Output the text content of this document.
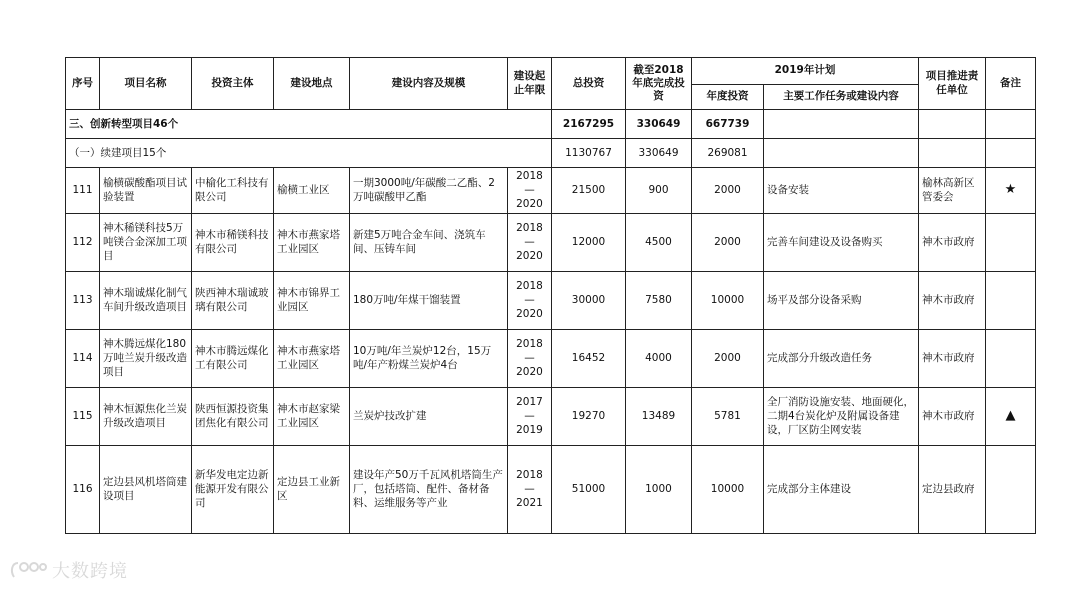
序号	项目名称	投资主体	建设地点	建设内容及规模	建设起止年限	总投资	截至2018年底完成投资	2019年计划		项目推进责任单位	备注
								年度投资	主要工作任务或建设内容		
三、创新转型项目46个						2167295	330649	667739			
（一）续建项目15个						1130767	330649	269081			
111	榆横碳酸酯项目试验装置	中榆化工科技有限公司	榆横工业区	一期3000吨/年碳酸二乙酯、2万吨碳酸甲乙酯	2018—2020	21500	900	2000	设备安装	榆林高新区管委会	★
112	神木稀镁科技5万吨镁合金深加工项目	神木市稀镁科技有限公司	神木市燕家塔工业园区	新建5万吨合金车间、浇筑车间、压铸车间	2018—2020	12000	4500	2000	完善车间建设及设备购买	神木市政府	
113	神木瑞诚煤化制气车间升级改造项目	陕西神木瑞诚玻璃有限公司	神木市锦界工业园区	180万吨/年煤干馏装置	2018—2020	30000	7580	10000	场平及部分设备采购	神木市政府	
114	神木腾远煤化180万吨兰炭升级改造项目	神木市腾远煤化工有限公司	神木市燕家塔工业园区	10万吨/年兰炭炉12台，15万吨/年产粉煤兰炭炉4台	2018—2020	16452	4000	2000	完成部分升级改造任务	神木市政府	
115	神木恒源焦化兰炭升级改造项目	陕西恒源投资集团焦化有限公司	神木市赵家梁工业园区	兰炭炉技改扩建	2017—2019	19270	13489	5781	全厂消防设施安装、地面硬化，二期4台炭化炉及附属设备建设，厂区防尘网安装	神木市政府	▲
116	定边县风机塔筒建设项目	新华发电定边新能源开发有限公司	定边县工业新区	建设年产50万千瓦风机塔筒生产厂，包括塔筒、配件、备材备料、运维服务等产业	2018—2021	51000	1000	10000	完成部分主体建设	定边县政府	
大数跨境
